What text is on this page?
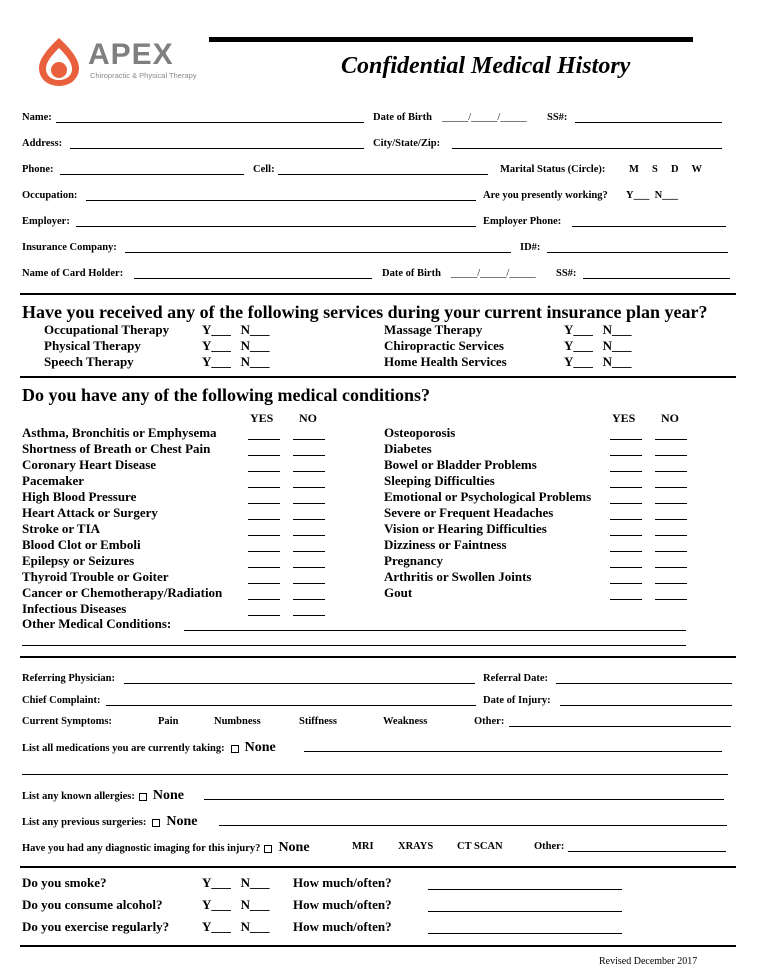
APEX
Chiropractic & Physical Therapy	Confidential Medical History
Name:	Date of Birth _____/_____/_____ SS#:
Address:	City/State/Zip:
Phone:	Cell:	Marital Status (Circle): M     S     D     W
Occupation:	Are you presently working? Y___  N___
Employer:	Employer Phone:
Insurance Company:	ID#:
Name of Card Holder:	Date of Birth _____/_____/_____ SS#:
Have you received any of the following services during your current insurance plan year?
Occupational Therapy	Y___   N___
Physical Therapy	Y___   N___
Speech Therapy	Y___   N___
Massage Therapy	Y___   N___
Chiropractic Services	Y___   N___
Home Health Services	Y___   N___
Do you have any of the following medical conditions?
YES NO	YES NO
Asthma, Bronchitis or Emphysema
Shortness of Breath or Chest Pain
Coronary Heart Disease
Pacemaker
High Blood Pressure
Heart Attack or Surgery
Stroke or TIA
Blood Clot or Emboli
Epilepsy or Seizures
Thyroid Trouble or Goiter
Cancer or Chemotherapy/Radiation
Infectious Diseases
Osteoporosis
Diabetes
Bowel or Bladder Problems
Sleeping Difficulties
Emotional or Psychological Problems
Severe or Frequent Headaches
Vision or Hearing Difficulties
Dizziness or Faintness
Pregnancy
Arthritis or Swollen Joints
Gout
Other Medical Conditions:
Referring Physician:	Referral Date:
Chief Complaint:	Date of Injury:
Current Symptoms:	Pain	Numbness	Stiffness	Weakness	Other:
List all medications you are currently taking: None
List any known allergies: None
List any previous surgeries: None
Have you had any diagnostic imaging for this injury? None	MRI XRAYS CT SCAN	Other:
Do you smoke?	Y___   N___ How much/often?
Do you consume alcohol?	Y___   N___ How much/often?
Do you exercise regularly?	Y___   N___ How much/often?
Revised December 2017
